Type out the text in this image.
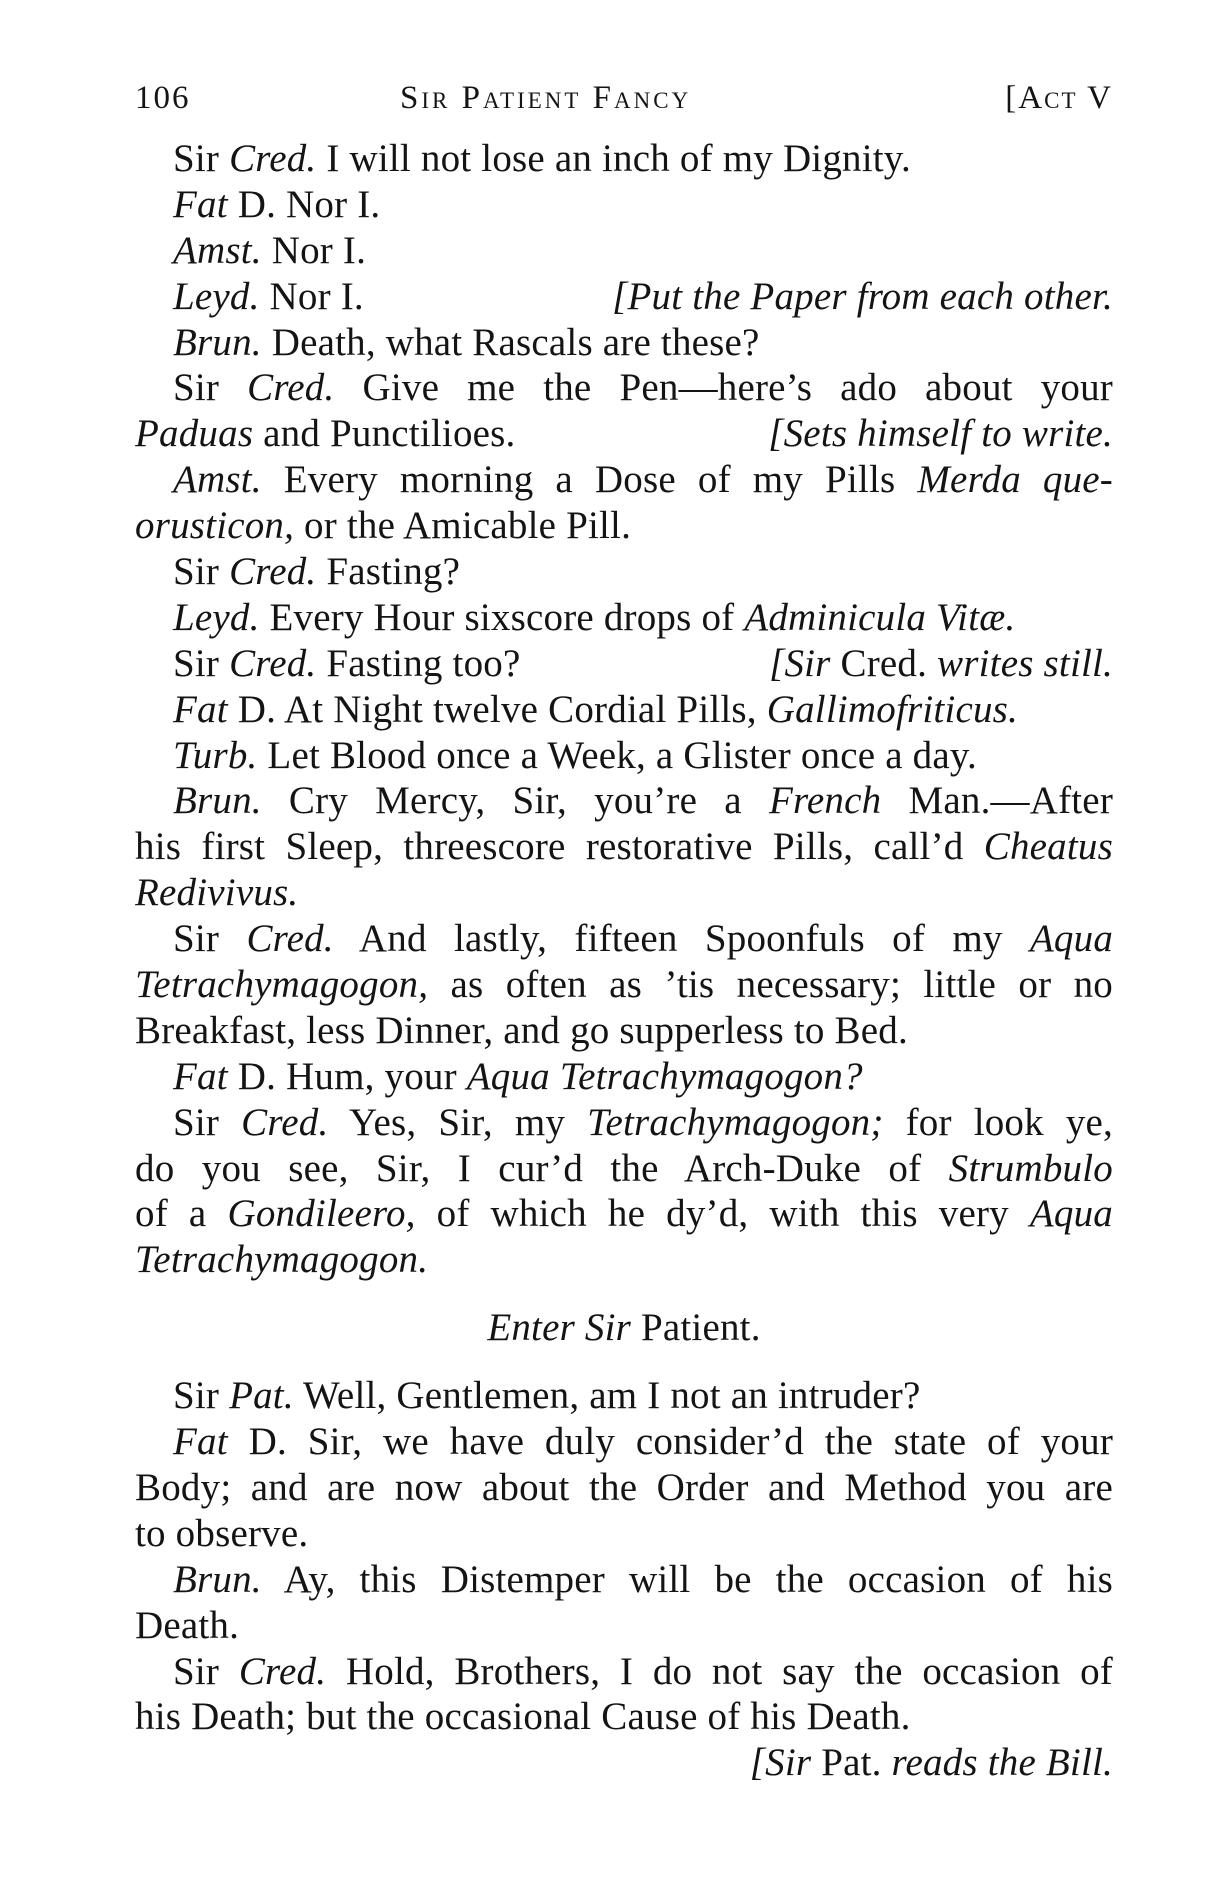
106	Sir Patient Fancy	[Act V
Sir Cred. I will not lose an inch of my Dignity.
Fat D. Nor I.
Amst. Nor I.
Leyd. Nor I.	[Put the Paper from each other.
Brun. Death, what Rascals are these?
Sir Cred. Give me the Pen—here’s ado about your
Paduas and Punctilioes.	[Sets himself to write.
Amst. Every morning a Dose of my Pills Merda que-
orusticon, or the Amicable Pill.
Sir Cred. Fasting?
Leyd. Every Hour sixscore drops of Adminicula Vitæ.
Sir Cred. Fasting too?	[Sir Cred. writes still.
Fat D. At Night twelve Cordial Pills, Gallimofriticus.
Turb. Let Blood once a Week, a Glister once a day.
Brun. Cry Mercy, Sir, you’re a French Man.—After
his first Sleep, threescore restorative Pills, call’d Cheatus
Redivivus.
Sir Cred. And lastly, fifteen Spoonfuls of my Aqua
Tetrachymagogon, as often as ’tis necessary; little or no
Breakfast, less Dinner, and go supperless to Bed.
Fat D. Hum, your Aqua Tetrachymagogon?
Sir Cred. Yes, Sir, my Tetrachymagogon; for look ye,
do you see, Sir, I cur’d the Arch-Duke of Strumbulo
of a Gondileero, of which he dy’d, with this very Aqua
Tetrachymagogon.
Enter Sir Patient.
Sir Pat. Well, Gentlemen, am I not an intruder?
Fat D. Sir, we have duly consider’d the state of your
Body; and are now about the Order and Method you are
to observe.
Brun. Ay, this Distemper will be the occasion of his
Death.
Sir Cred. Hold, Brothers, I do not say the occasion of
his Death; but the occasional Cause of his Death.
[Sir Pat. reads the Bill.
